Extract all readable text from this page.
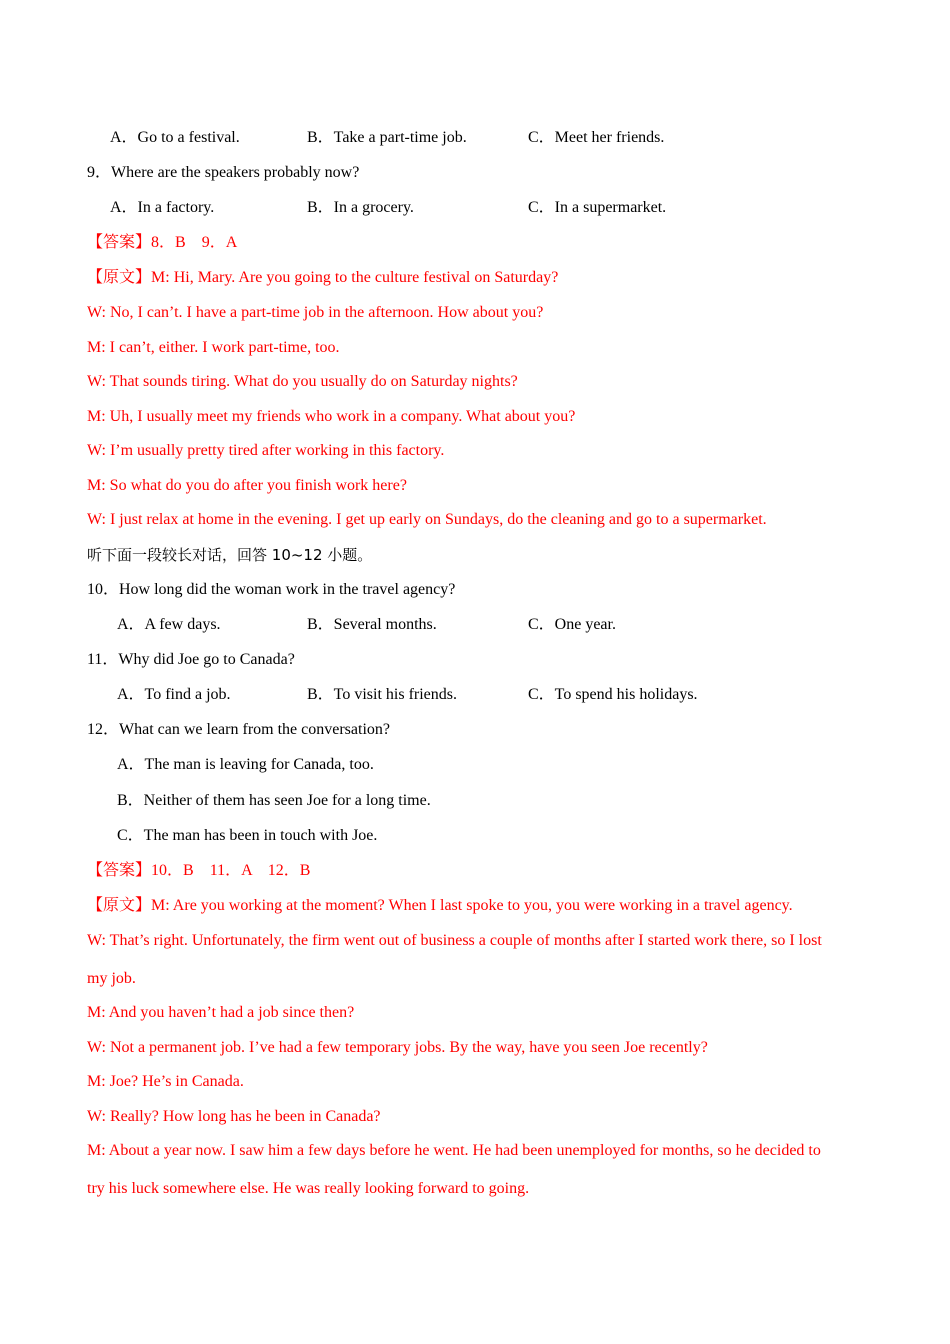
A．Go to a festival.	B．Take a part-time job.	C．Meet her friends.
9．Where are the speakers probably now?
A．In a factory.	B．In a grocery.	C．In a supermarket.
【答案】8．B　9．A
【原文】M: Hi, Mary. Are you going to the culture festival on Saturday?
W: No, I can’t. I have a part-time job in the afternoon. How about you?
M: I can’t, either. I work part-time, too.
W: That sounds tiring. What do you usually do on Saturday nights?
M: Uh, I usually meet my friends who work in a company. What about you?
W: I’m usually pretty tired after working in this factory.
M: So what do you do after you finish work here?
W: I just relax at home in the evening. I get up early on Sundays, do the cleaning and go to a supermarket.
听下面一段较长对话，回答 10~12 小题。
10．How long did the woman work in the travel agency?
A．A few days.	B．Several months.	C．One year.
11．Why did Joe go to Canada?
A．To find a job.	B．To visit his friends.	C．To spend his holidays.
12．What can we learn from the conversation?
A．The man is leaving for Canada, too.
B．Neither of them has seen Joe for a long time.
C．The man has been in touch with Joe.
【答案】10．B　11．A　12．B
【原文】M: Are you working at the moment? When I last spoke to you, you were working in a travel agency.
W: That’s right. Unfortunately, the firm went out of business a couple of months after I started work there, so I lost
my job.
M: And you haven’t had a job since then?
W: Not a permanent job. I’ve had a few temporary jobs. By the way, have you seen Joe recently?
M: Joe? He’s in Canada.
W: Really? How long has he been in Canada?
M: About a year now. I saw him a few days before he went. He had been unemployed for months, so he decided to
try his luck somewhere else. He was really looking forward to going.
